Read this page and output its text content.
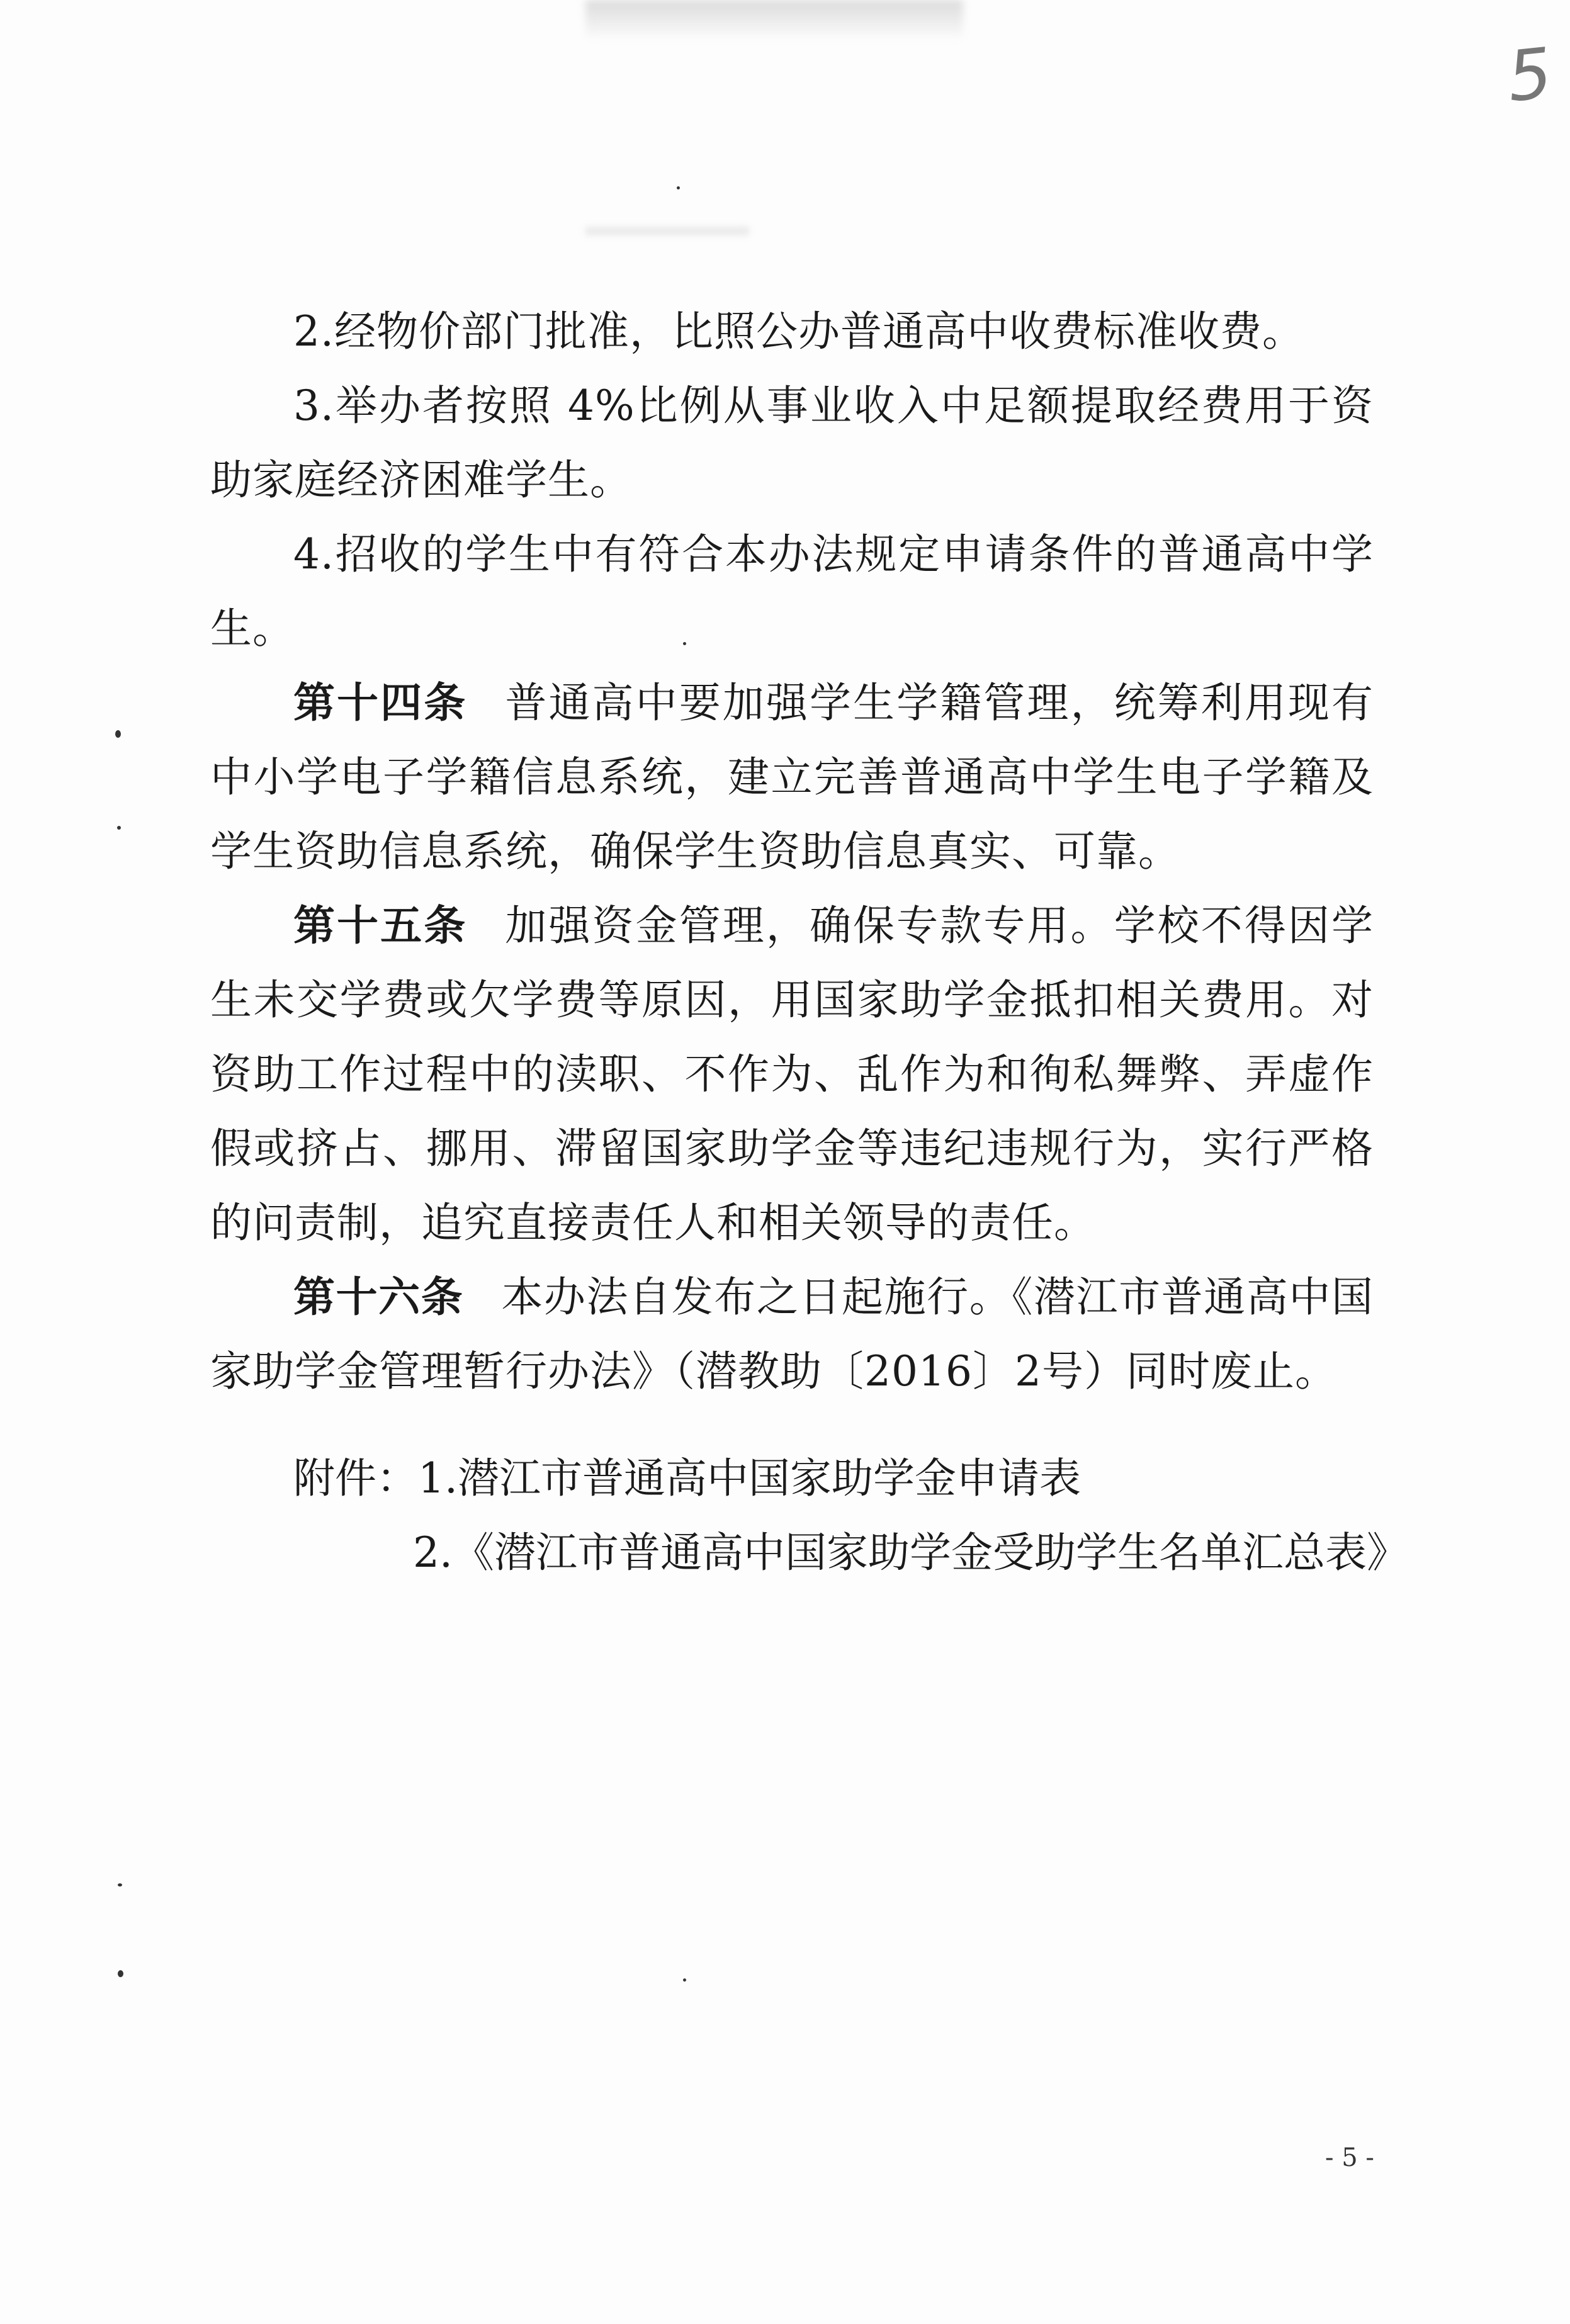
5

2.经物价部门批准，比照公办普通高中收费标准收费。

3.举办者按照 4%比例从事业收入中足额提取经费用于资助家庭经济困难学生。

4.招收的学生中有符合本办法规定申请条件的普通高中学生。

第十四条 普通高中要加强学生学籍管理，统筹利用现有中小学电子学籍信息系统，建立完善普通高中学生电子学籍及学生资助信息系统，确保学生资助信息真实、可靠。

第十五条 加强资金管理，确保专款专用。学校不得因学生未交学费或欠学费等原因，用国家助学金抵扣相关费用。对资助工作过程中的渎职、不作为、乱作为和徇私舞弊、弄虚作假或挤占、挪用、滞留国家助学金等违纪违规行为，实行严格的问责制，追究直接责任人和相关领导的责任。

第十六条 本办法自发布之日起施行。《潜江市普通高中国家助学金管理暂行办法》（潜教助〔2016〕2号）同时废止。

附件：1.潜江市普通高中国家助学金申请表
2.《潜江市普通高中国家助学金受助学生名单汇总表》
- 5 -
